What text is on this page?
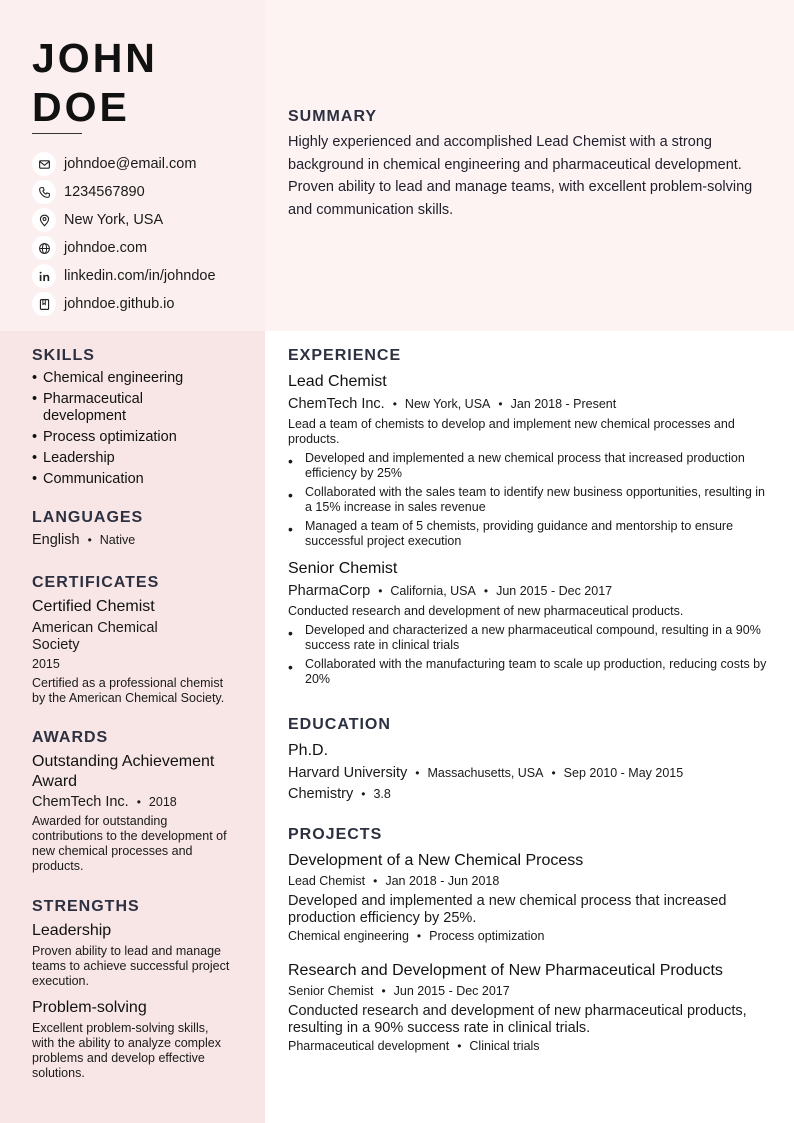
JOHN
DOE
johndoe@email.com
1234567890
New York, USA
johndoe.com
linkedin.com/in/johndoe
johndoe.github.io
SUMMARY

Highly experienced and accomplished Lead Chemist with a strong background in chemical engineering and pharmaceutical development. Proven ability to lead and manage teams, with excellent problem-solving and communication skills.

SKILLS
• Chemical engineering
• Pharmaceutical development
• Process optimization
• Leadership
• Communication
LANGUAGES
English • Native
CERTIFICATES
Certified Chemist
American Chemical Society
2015
Certified as a professional chemist by the American Chemical Society.
AWARDS
Outstanding Achievement Award
ChemTech Inc. • 2018
Awarded for outstanding contributions to the development of new chemical processes and products.
STRENGTHS
Leadership
Proven ability to lead and manage teams to achieve successful project execution.
Problem-solving
Excellent problem-solving skills, with the ability to analyze complex problems and develop effective solutions.
EXPERIENCE
Lead Chemist
ChemTech Inc. • New York, USA • Jan 2018 - Present
Lead a team of chemists to develop and implement new chemical processes and products.
• Developed and implemented a new chemical process that increased production efficiency by 25%
• Collaborated with the sales team to identify new business opportunities, resulting in a 15% increase in sales revenue
• Managed a team of 5 chemists, providing guidance and mentorship to ensure successful project execution
Senior Chemist
PharmaCorp • California, USA • Jun 2015 - Dec 2017
Conducted research and development of new pharmaceutical products.
• Developed and characterized a new pharmaceutical compound, resulting in a 90% success rate in clinical trials
• Collaborated with the manufacturing team to scale up production, reducing costs by 20%
EDUCATION
Ph.D.
Harvard University • Massachusetts, USA • Sep 2010 - May 2015
Chemistry • 3.8
PROJECTS
Development of a New Chemical Process
Lead Chemist • Jan 2018 - Jun 2018
Developed and implemented a new chemical process that increased production efficiency by 25%.
Chemical engineering • Process optimization
Research and Development of New Pharmaceutical Products
Senior Chemist • Jun 2015 - Dec 2017
Conducted research and development of new pharmaceutical products, resulting in a 90% success rate in clinical trials.
Pharmaceutical development • Clinical trials
